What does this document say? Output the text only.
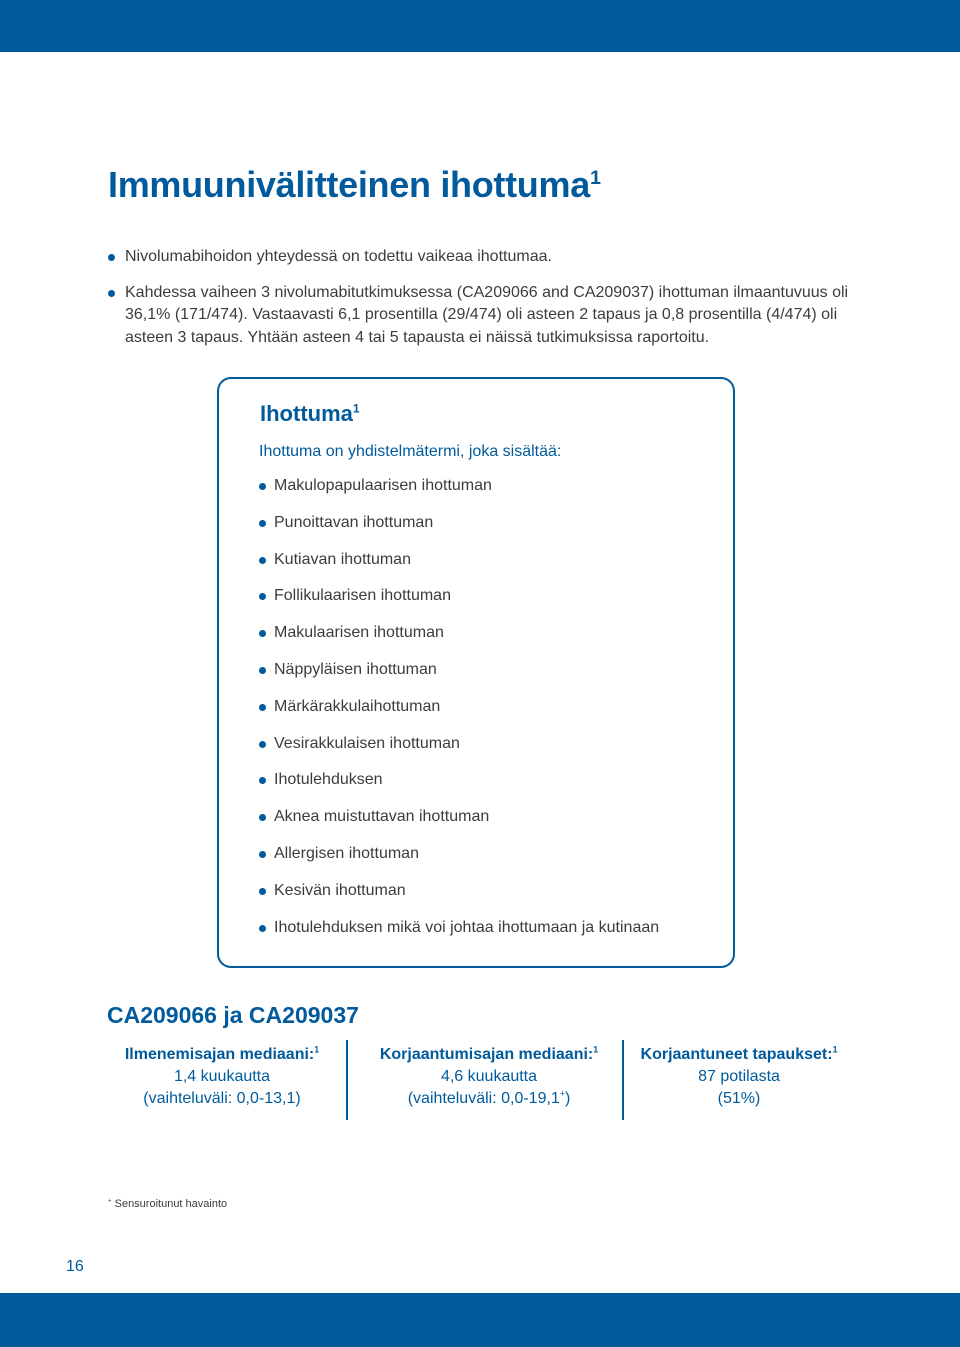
Immuunivälitteinen ihottuma$^1$
Nivolumabihoidon yhteydessä on todettu vaikeaa ihottumaa.
Kahdessa vaiheen 3 nivolumabitutkimuksessa (CA209066 and CA209037) ihottuman ilmaantuvuus oli 36,1% (171/474). Vastaavasti 6,1 prosentilla (29/474) oli asteen 2 tapaus ja 0,8 prosentilla (4/474) oli asteen 3 tapaus. Yhtään asteen 4 tai 5 tapausta ei näissä tutkimuksissa raportoitu.
Ihottuma$^1$

Ihottuma on yhdistelmätermi, joka sisältää:

Makulopapulaarisen ihottuman
Punoittavan ihottuman
Kutiavan ihottuman
Follikulaarisen ihottuman
Makulaarisen ihottuman
Näppyläisen ihottuman
Märkärakkulaihottuman
Vesirakkulaisen ihottuman
Ihotulehduksen
Aknea muistuttavan ihottuman
Allergisen ihottuman
Kesivän ihottuman
Ihotulehduksen mikä voi johtaa ihottumaan ja kutinaan
CA209066 ja CA209037
Ilmenemisajan mediaani:$^1$
1,4 kuukautta
(vaihteluväli: 0,0-13,1)
Korjaantumisajan mediaani:$^1$
4,6 kuukautta
(vaihteluväli: 0,0-19,1+)
Korjaantuneet tapaukset:$^1$
87 potilasta
(51%)

+ Sensuroitunut havainto

16
